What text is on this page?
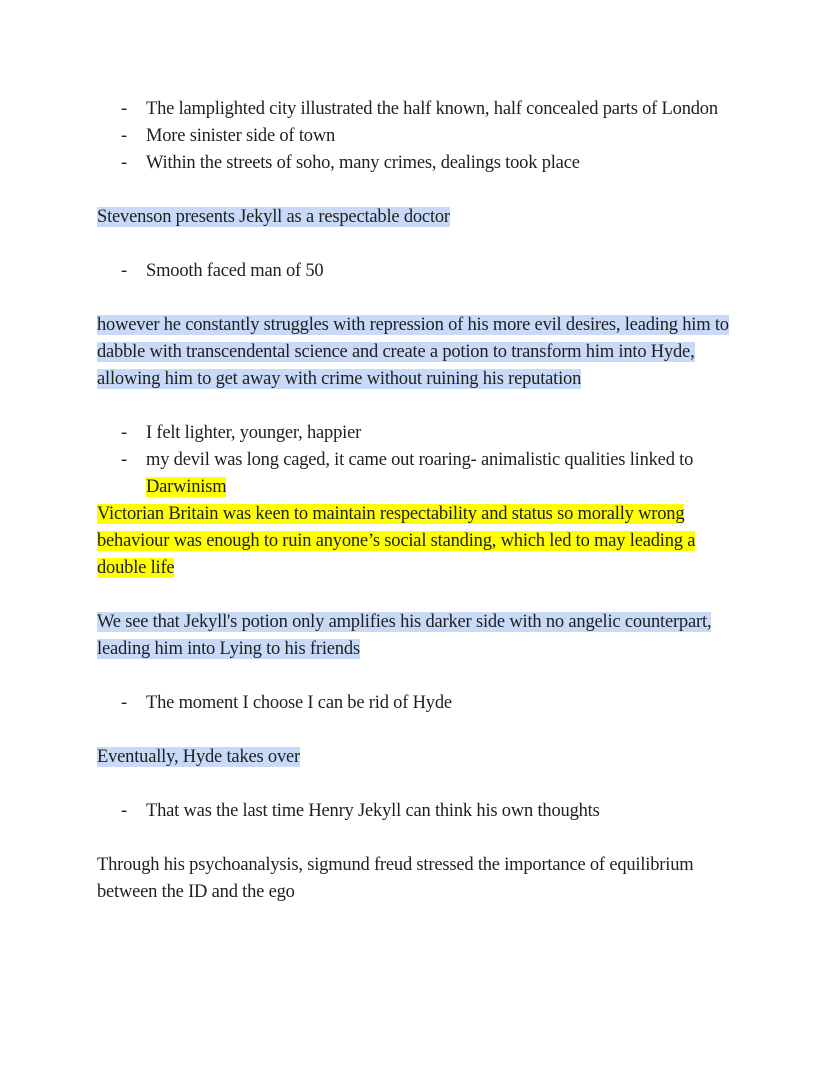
- The lamplighted city illustrated the half known, half concealed parts of London
- More sinister side of town
- Within the streets of soho, many crimes, dealings took place

Stevenson presents Jekyll as a respectable doctor

- Smooth faced man of 50

however he constantly struggles with repression of his more evil desires, leading him to dabble with transcendental science and create a potion to transform him into Hyde, allowing him to get away with crime without ruining his reputation

- I felt lighter, younger, happier
- my devil was long caged, it came out roaring- animalistic qualities linked to Darwinism

Victorian Britain was keen to maintain respectability and status so morally wrong behaviour was enough to ruin anyone’s social standing, which led to may leading a double life

We see that Jekyll's potion only amplifies his darker side with no angelic counterpart, leading him into Lying to his friends

- The moment I choose I can be rid of Hyde

Eventually, Hyde takes over

- That was the last time Henry Jekyll can think his own thoughts

Through his psychoanalysis, sigmund freud stressed the importance of equilibrium between the ID and the ego
